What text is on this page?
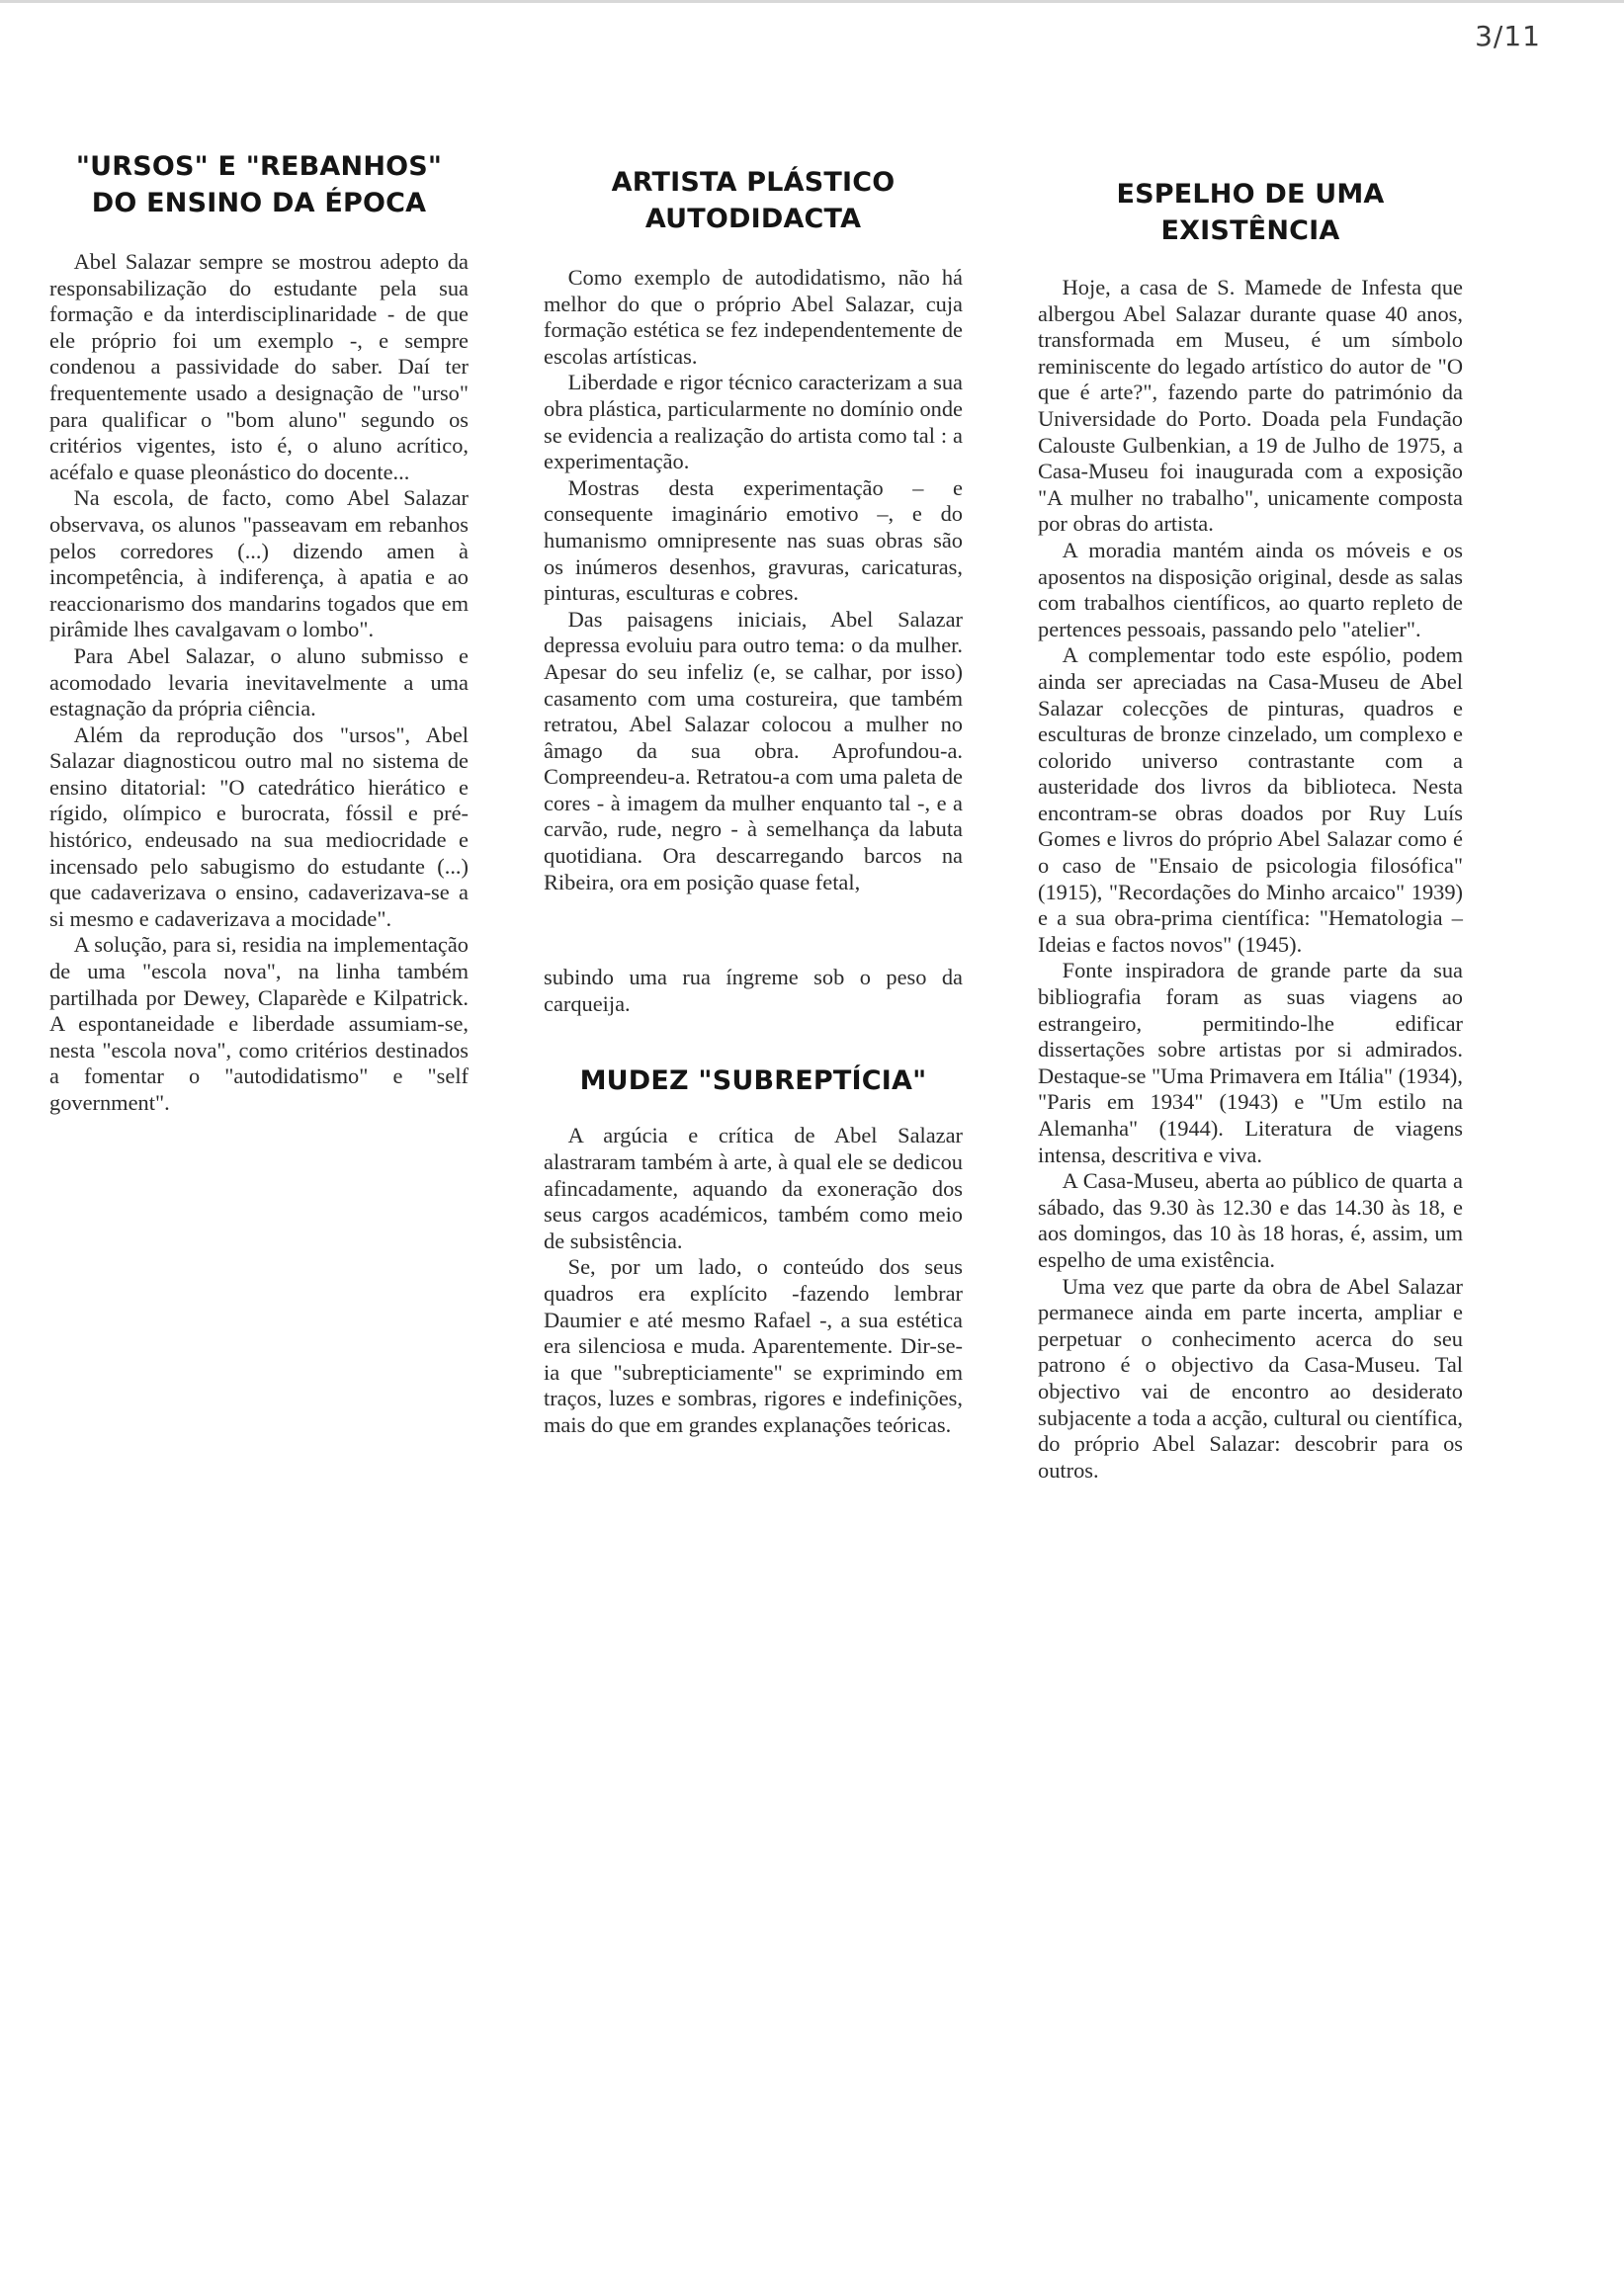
3/11
"URSOS" E "REBANHOS" DO ENSINO DA ÉPOCA

Abel Salazar sempre se mostrou adepto da responsabilização do estudante pela sua formação e da interdisciplinaridade - de que ele próprio foi um exemplo -, e sempre condenou a passividade do saber. Daí ter frequentemente usado a designação de "urso" para qualificar o "bom aluno" segundo os critérios vigentes, isto é, o aluno acrítico, acéfalo e quase pleonástico do docente...

Na escola, de facto, como Abel Salazar observava, os alunos "passeavam em rebanhos pelos corredores (...) dizendo amen à incompetência, à indiferença, à apatia e ao reaccionarismo dos mandarins togados que em pirâmide lhes cavalgavam o lombo".

Para Abel Salazar, o aluno submisso e acomodado levaria inevitavelmente a uma estagnação da própria ciência.

Além da reprodução dos "ursos", Abel Salazar diagnosticou outro mal no sistema de ensino ditatorial: "O catedrático hierático e rígido, olímpico e burocrata, fóssil e pré-histórico, endeusado na sua mediocridade e incensado pelo sabugismo do estudante (...) que cadaverizava o ensino, cadaverizava-se a si mesmo e cadaverizava a mocidade".

A solução, para si, residia na implementação de uma "escola nova", na linha também partilhada por Dewey, Claparède e Kilpatrick. A espontaneidade e liberdade assumiam-se, nesta "escola nova", como critérios destinados a fomentar o "autodidatismo" e "self government".

ARTISTA PLÁSTICO AUTODIDACTA

Como exemplo de autodidatismo, não há melhor do que o próprio Abel Salazar, cuja formação estética se fez independentemente de escolas artísticas.

Liberdade e rigor técnico caracterizam a sua obra plástica, particularmente no domínio onde se evidencia a realização do artista como tal : a experimentação.

Mostras desta experimentação – e consequente imaginário emotivo –, e do humanismo omnipresente nas suas obras são os inúmeros desenhos, gravuras, caricaturas, pinturas, esculturas e cobres.

Das paisagens iniciais, Abel Salazar depressa evoluiu para outro tema: o da mulher. Apesar do seu infeliz (e, se calhar, por isso) casamento com uma costureira, que também retratou, Abel Salazar colocou a mulher no âmago da sua obra. Aprofundou-a. Compreendeu-a. Retratou-a com uma paleta de cores - à imagem da mulher enquanto tal -, e a carvão, rude, negro - à semelhança da labuta quotidiana. Ora descarregando barcos na Ribeira, ora em posição quase fetal,

subindo uma rua íngreme sob o peso da carqueija.

MUDEZ "SUBREPTÍCIA"

A argúcia e crítica de Abel Salazar alastraram também à arte, à qual ele se dedicou afincadamente, aquando da exoneração dos seus cargos académicos, também como meio de subsistência.

Se, por um lado, o conteúdo dos seus quadros era explícito -fazendo lembrar Daumier e até mesmo Rafael -, a sua estética era silenciosa e muda. Aparentemente. Dir-se-ia que "subrepticiamente" se exprimindo em traços, luzes e sombras, rigores e indefinições, mais do que em grandes explanações teóricas.

ESPELHO DE UMA EXISTÊNCIA

Hoje, a casa de S. Mamede de Infesta que albergou Abel Salazar durante quase 40 anos, transformada em Museu, é um símbolo reminiscente do legado artístico do autor de "O que é arte?", fazendo parte do património da Universidade do Porto. Doada pela Fundação Calouste Gulbenkian, a 19 de Julho de 1975, a Casa-Museu foi inaugurada com a exposição "A mulher no trabalho", unicamente composta por obras do artista.

A moradia mantém ainda os móveis e os aposentos na disposição original, desde as salas com trabalhos científicos, ao quarto repleto de pertences pessoais, passando pelo "atelier".

A complementar todo este espólio, podem ainda ser apreciadas na Casa-Museu de Abel Salazar colecções de pinturas, quadros e esculturas de bronze cinzelado, um complexo e colorido universo contrastante com a austeridade dos livros da biblioteca. Nesta encontram-se obras doados por Ruy Luís Gomes e livros do próprio Abel Salazar como é o caso de "Ensaio de psicologia filosófica" (1915), "Recordações do Minho arcaico" 1939) e a sua obra-prima científica: "Hematologia – Ideias e factos novos" (1945).

Fonte inspiradora de grande parte da sua bibliografia foram as suas viagens ao estrangeiro, permitindo-lhe edificar dissertações sobre artistas por si admirados. Destaque-se "Uma Primavera em Itália" (1934), "Paris em 1934" (1943) e "Um estilo na Alemanha" (1944). Literatura de viagens intensa, descritiva e viva.

A Casa-Museu, aberta ao público de quarta a sábado, das 9.30 às 12.30 e das 14.30 às 18, e aos domingos, das 10 às 18 horas, é, assim, um espelho de uma existência.

Uma vez que parte da obra de Abel Salazar permanece ainda em parte incerta, ampliar e perpetuar o conhecimento acerca do seu patrono é o objectivo da Casa-Museu. Tal objectivo vai de encontro ao desiderato subjacente a toda a acção, cultural ou científica, do próprio Abel Salazar: descobrir para os outros.
